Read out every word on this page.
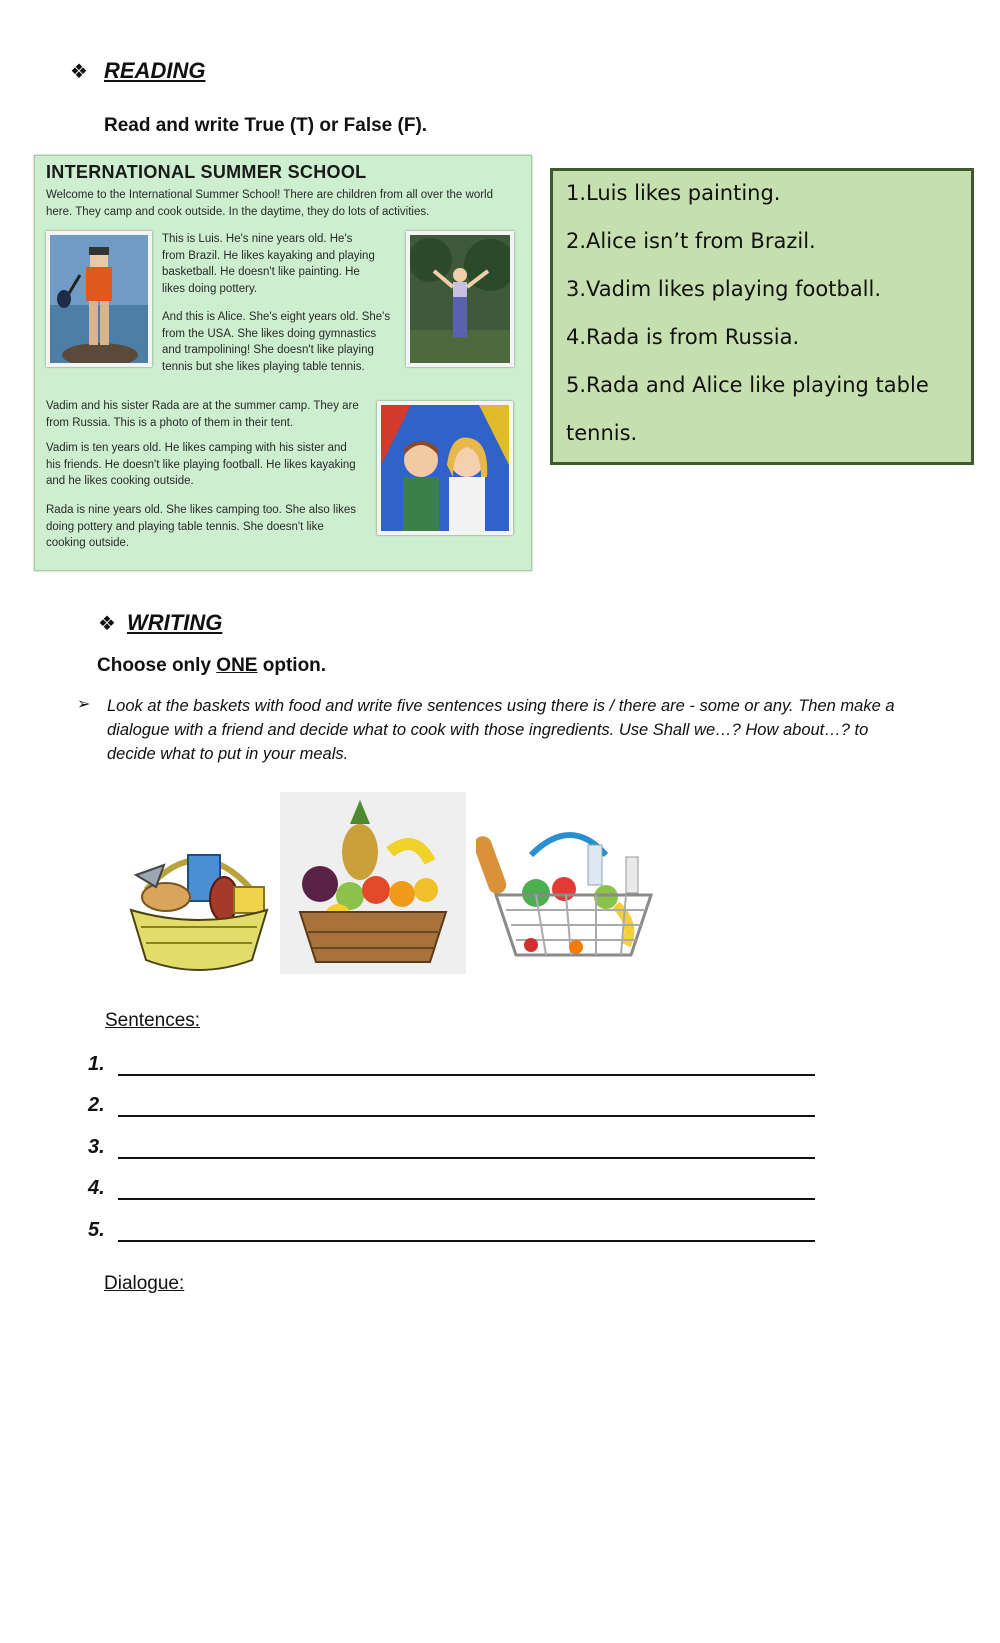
❖ READING
Read and write True (T) or False (F).
INTERNATIONAL SUMMER SCHOOL

Welcome to the International Summer School! There are children from all over the world here. They camp and cook outside. In the daytime, they do lots of activities.

This is Luis. He's nine years old. He's from Brazil. He likes kayaking and playing basketball. He doesn't like painting. He likes doing pottery.

And this is Alice. She's eight years old. She's from the USA. She likes doing gymnastics and trampolining! She doesn't like playing tennis but she likes playing table tennis.

Vadim and his sister Rada are at the summer camp. They are from Russia. This is a photo of them in their tent.

Vadim is ten years old. He likes camping with his sister and his friends. He doesn't like playing football. He likes kayaking and he likes cooking outside.

Rada is nine years old. She likes camping too. She also likes doing pottery and playing table tennis. She doesn't like cooking outside.

1.Luis likes painting.
2.Alice isn’t from Brazil.
3.Vadim likes playing football.
4.Rada is from Russia.
5.Rada and Alice like playing table
tennis.
❖ WRITING
Choose only ONE option.
➢ Look at the baskets with food and write five sentences using there is / there are - some or any. Then make a dialogue with a friend and decide what to cook with those ingredients. Use Shall we…? How about…? to decide what to put in your meals.
Sentences:
1.
2.
3.
4.
5.
Dialogue:
